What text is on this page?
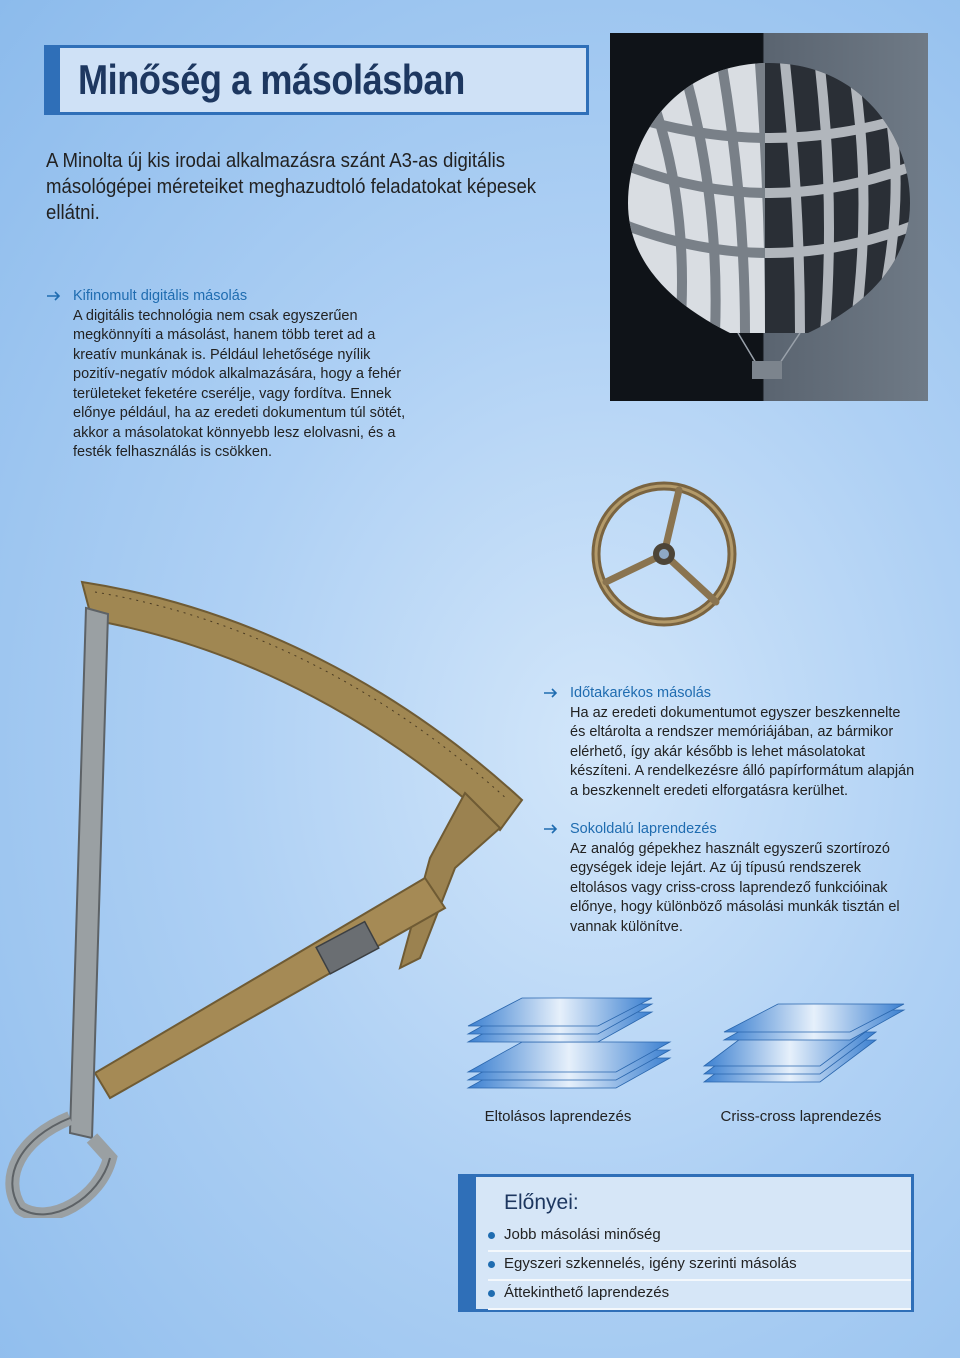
Minőség a másolásban
A Minolta új kis irodai alkalmazásra szánt A3-as digitális másológépei méreteiket meghazudtoló feladatokat képesek ellátni.
Kifinomult digitális másolás
A digitális technológia nem csak egyszerűen megkönnyíti a másolást, hanem több teret ad a kreatív munkának is. Például lehetősége nyílik pozitív-negatív módok alkalmazására, hogy a fehér területeket feketére cserélje, vagy fordítva. Ennek előnye például, ha az eredeti dokumentum túl sötét, akkor a másolatokat könnyebb lesz elolvasni, és a festék felhasználás is csökken.
Időtakarékos másolás
Ha az eredeti dokumentumot egyszer beszkennelte és eltárolta a rendszer memóriájában, az bármikor elérhető, így akár később is lehet másolatokat készíteni. A rendelkezésre álló papírformátum alapján a beszkennelt eredeti elforgatásra kerülhet.
Sokoldalú laprendezés
Az analóg gépekhez használt egyszerű szortírozó egységek ideje lejárt. Az új típusú rendszerek eltolásos vagy criss-cross laprendező funkcióinak előnye, hogy különböző másolási munkák tisztán el vannak különítve.
Eltolásos laprendezés	Criss-cross laprendezés
Előnyei:
Jobb másolási minőség
Egyszeri szkennelés, igény szerinti másolás
Áttekinthető laprendezés
